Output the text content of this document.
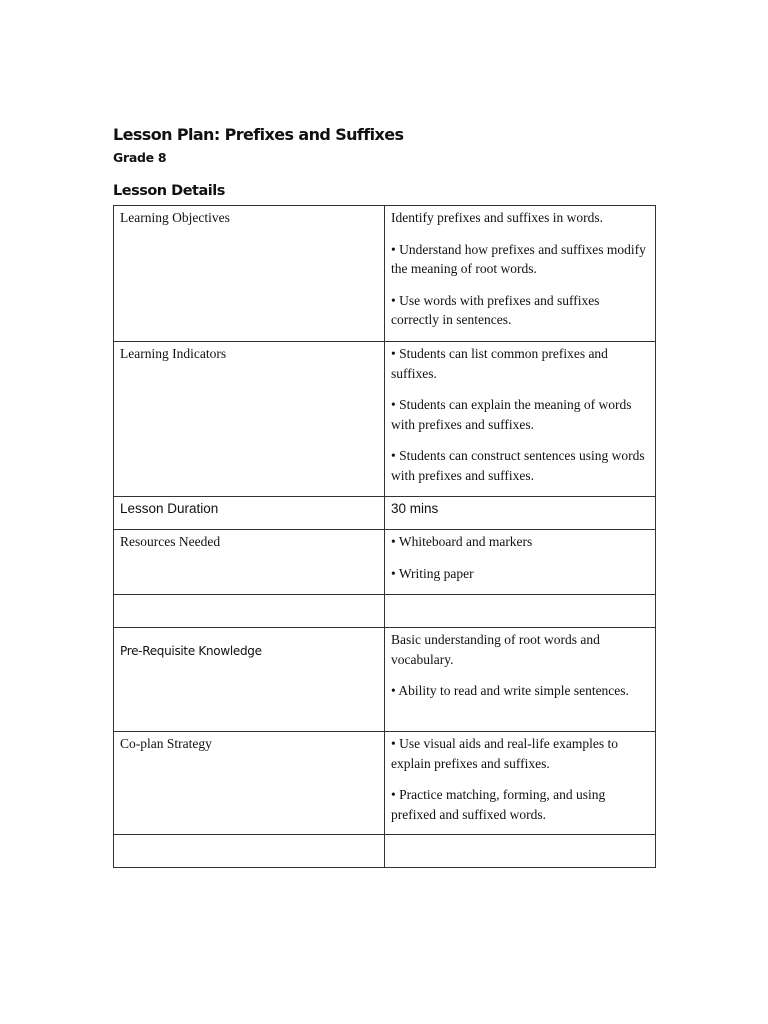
Lesson Plan: Prefixes and Suffixes

Grade 8

Lesson Details
Learning Objectives	Identify prefixes and suffixes in words.

• Understand how prefixes and suffixes modify the meaning of root words.

• Use words with prefixes and suffixes correctly in sentences.

Learning Indicators	• Students can list common prefixes and suffixes.

• Students can explain the meaning of words with prefixes and suffixes.

• Students can construct sentences using words with prefixes and suffixes.

Lesson Duration	30 mins

Resources Needed	• Whiteboard and markers

• Writing paper

Pre-Requisite Knowledge	Basic understanding of root words and vocabulary.

• Ability to read and write simple sentences.

Co-plan Strategy	• Use visual aids and real-life examples to explain prefixes and suffixes.

• Practice matching, forming, and using prefixed and suffixed words.
